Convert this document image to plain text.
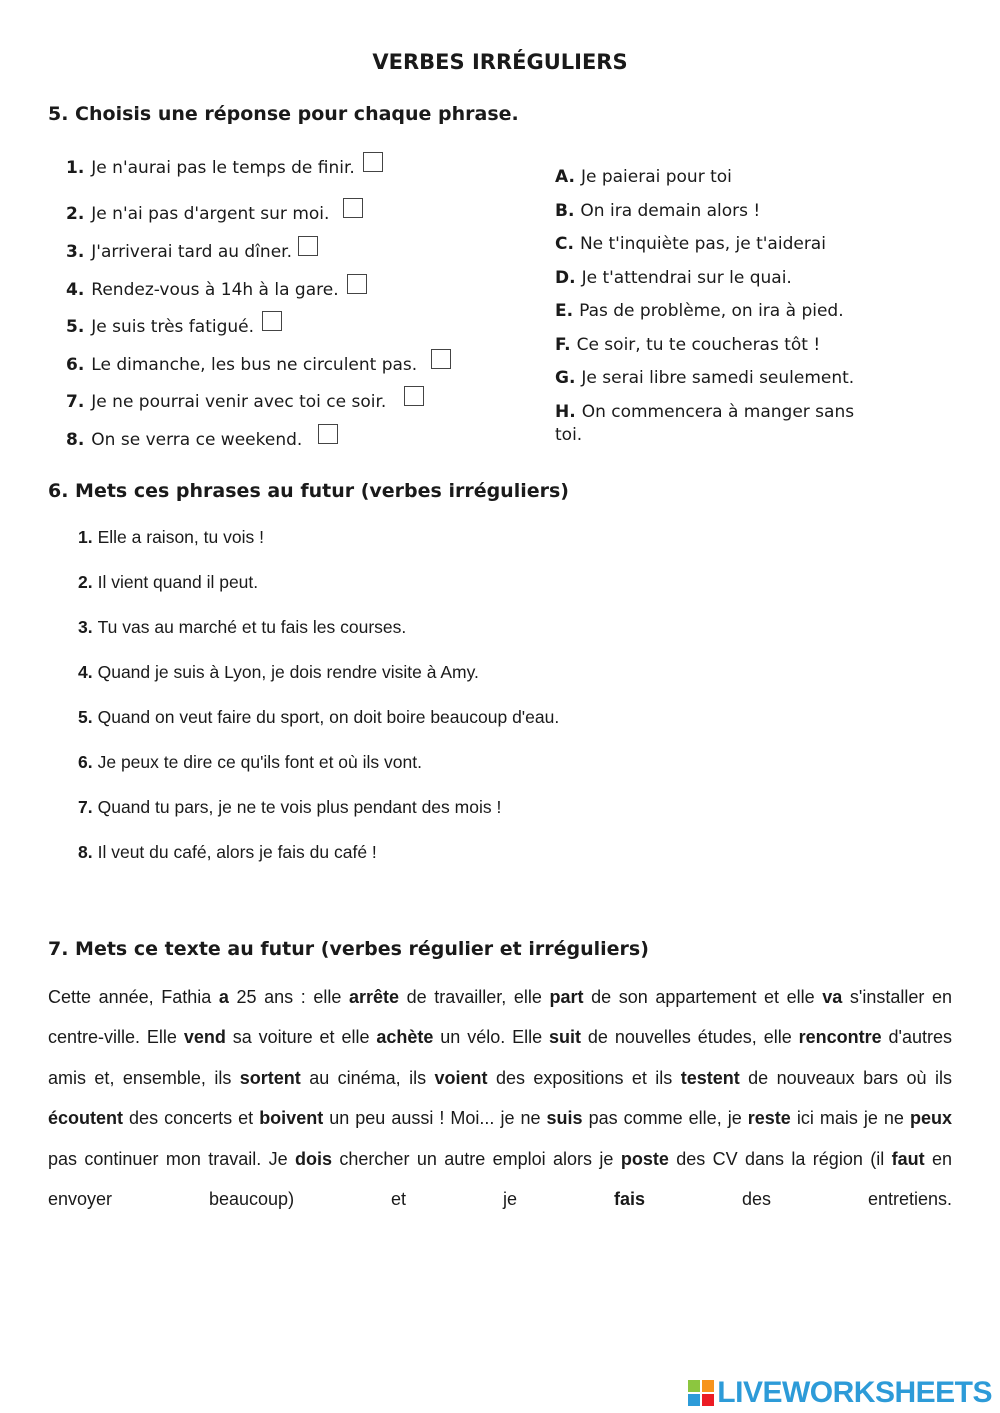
VERBES IRRÉGULIERS
5. Choisis une réponse pour chaque phrase.
1. Je n'aurai pas le temps de finir.
2. Je n'ai pas d'argent sur moi.
3. J'arriverai tard au dîner.
4. Rendez-vous à 14h à la gare.
5. Je suis très fatigué.
6. Le dimanche, les bus ne circulent pas.
7. Je ne pourrai venir avec toi ce soir.
8. On se verra ce weekend.
A. Je paierai pour toi
B. On ira demain alors !
C. Ne t'inquiète pas, je t'aiderai
D. Je t'attendrai sur le quai.
E. Pas de problème, on ira à pied.
F. Ce soir, tu te coucheras tôt !
G. Je serai libre samedi seulement.
H. On commencera à manger sans toi.
6. Mets ces phrases au futur (verbes irréguliers)
1. Elle a raison, tu vois !
2. Il vient quand il peut.
3. Tu vas au marché et tu fais les courses.
4. Quand je suis à Lyon, je dois rendre visite à Amy.
5. Quand on veut faire du sport, on doit boire beaucoup d'eau.
6. Je peux te dire ce qu'ils font et où ils vont.
7. Quand tu pars, je ne te vois plus pendant des mois !
8. Il veut du café, alors je fais du café !
7. Mets ce texte au futur (verbes régulier et irréguliers)
Cette année, Fathia a 25 ans : elle arrête de travailler, elle part de son appartement et elle va s'installer en centre-ville. Elle vend sa voiture et elle achète un vélo. Elle suit de nouvelles études, elle rencontre d'autres amis et, ensemble, ils sortent au cinéma, ils voient des expositions et ils testent de nouveaux bars où ils écoutent des concerts et boivent un peu aussi ! Moi... je ne suis pas comme elle, je reste ici mais je ne peux pas continuer mon travail. Je dois chercher un autre emploi alors je poste des CV dans la région (il faut en envoyer beaucoup) et je fais des entretiens.
LIVEWORKSHEETS
